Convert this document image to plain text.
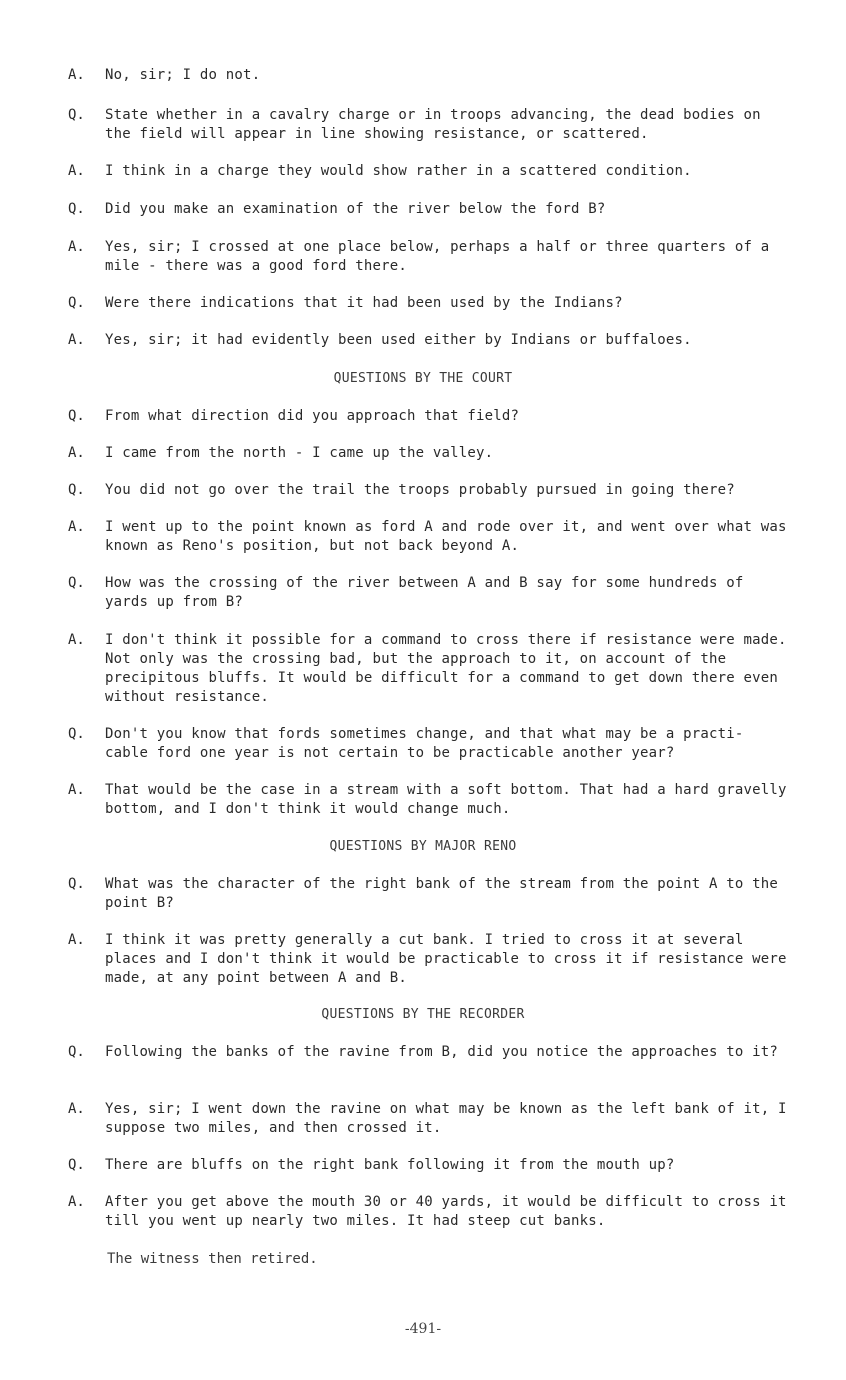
A.	No, sir; I do not.
Q.	State whether in a cavalry charge or in troops advancing, the dead bodies on the field will appear in line showing resistance, or scattered.
A.	I think in a charge they would show rather in a scattered condition.
Q.	Did you make an examination of the river below the ford B?
A.	Yes, sir; I crossed at one place below, perhaps a half or three quarters of a mile - there was a good ford there.
Q.	Were there indications that it had been used by the Indians?
A.	Yes, sir; it had evidently been used either by Indians or buffaloes.
QUESTIONS BY THE COURT
Q.	From what direction did you approach that field?
A.	I came from the north - I came up the valley.
Q.	You did not go over the trail the troops probably pursued in going there?
A.	I went up to the point known as ford A and rode over it, and went over what was known as Reno's position, but not back beyond A.
Q.	How was the crossing of the river between A and B say for some hundreds of yards up from B?
A.	I don't think it possible for a command to cross there if resistance were made. Not only was the crossing bad, but the approach to it, on account of the precipitous bluffs. It would be difficult for a command to get down there even without resistance.
Q.	Don't you know that fords sometimes change, and that what may be a practi- cable ford one year is not certain to be practicable another year?
A.	That would be the case in a stream with a soft bottom. That had a hard gravelly bottom, and I don't think it would change much.
QUESTIONS BY MAJOR RENO
Q.	What was the character of the right bank of the stream from the point A to the point B?
A.	I think it was pretty generally a cut bank. I tried to cross it at several places and I don't think it would be practicable to cross it if resistance were made, at any point between A and B.
QUESTIONS BY THE RECORDER
Q.	Following the banks of the ravine from B, did you notice the approaches to it?
A.	Yes, sir; I went down the ravine on what may be known as the left bank of it, I suppose two miles, and then crossed it.
Q.	There are bluffs on the right bank following it from the mouth up?
A.	After you get above the mouth 30 or 40 yards, it would be difficult to cross it till you went up nearly two miles. It had steep cut banks.
The witness then retired.
-491-
